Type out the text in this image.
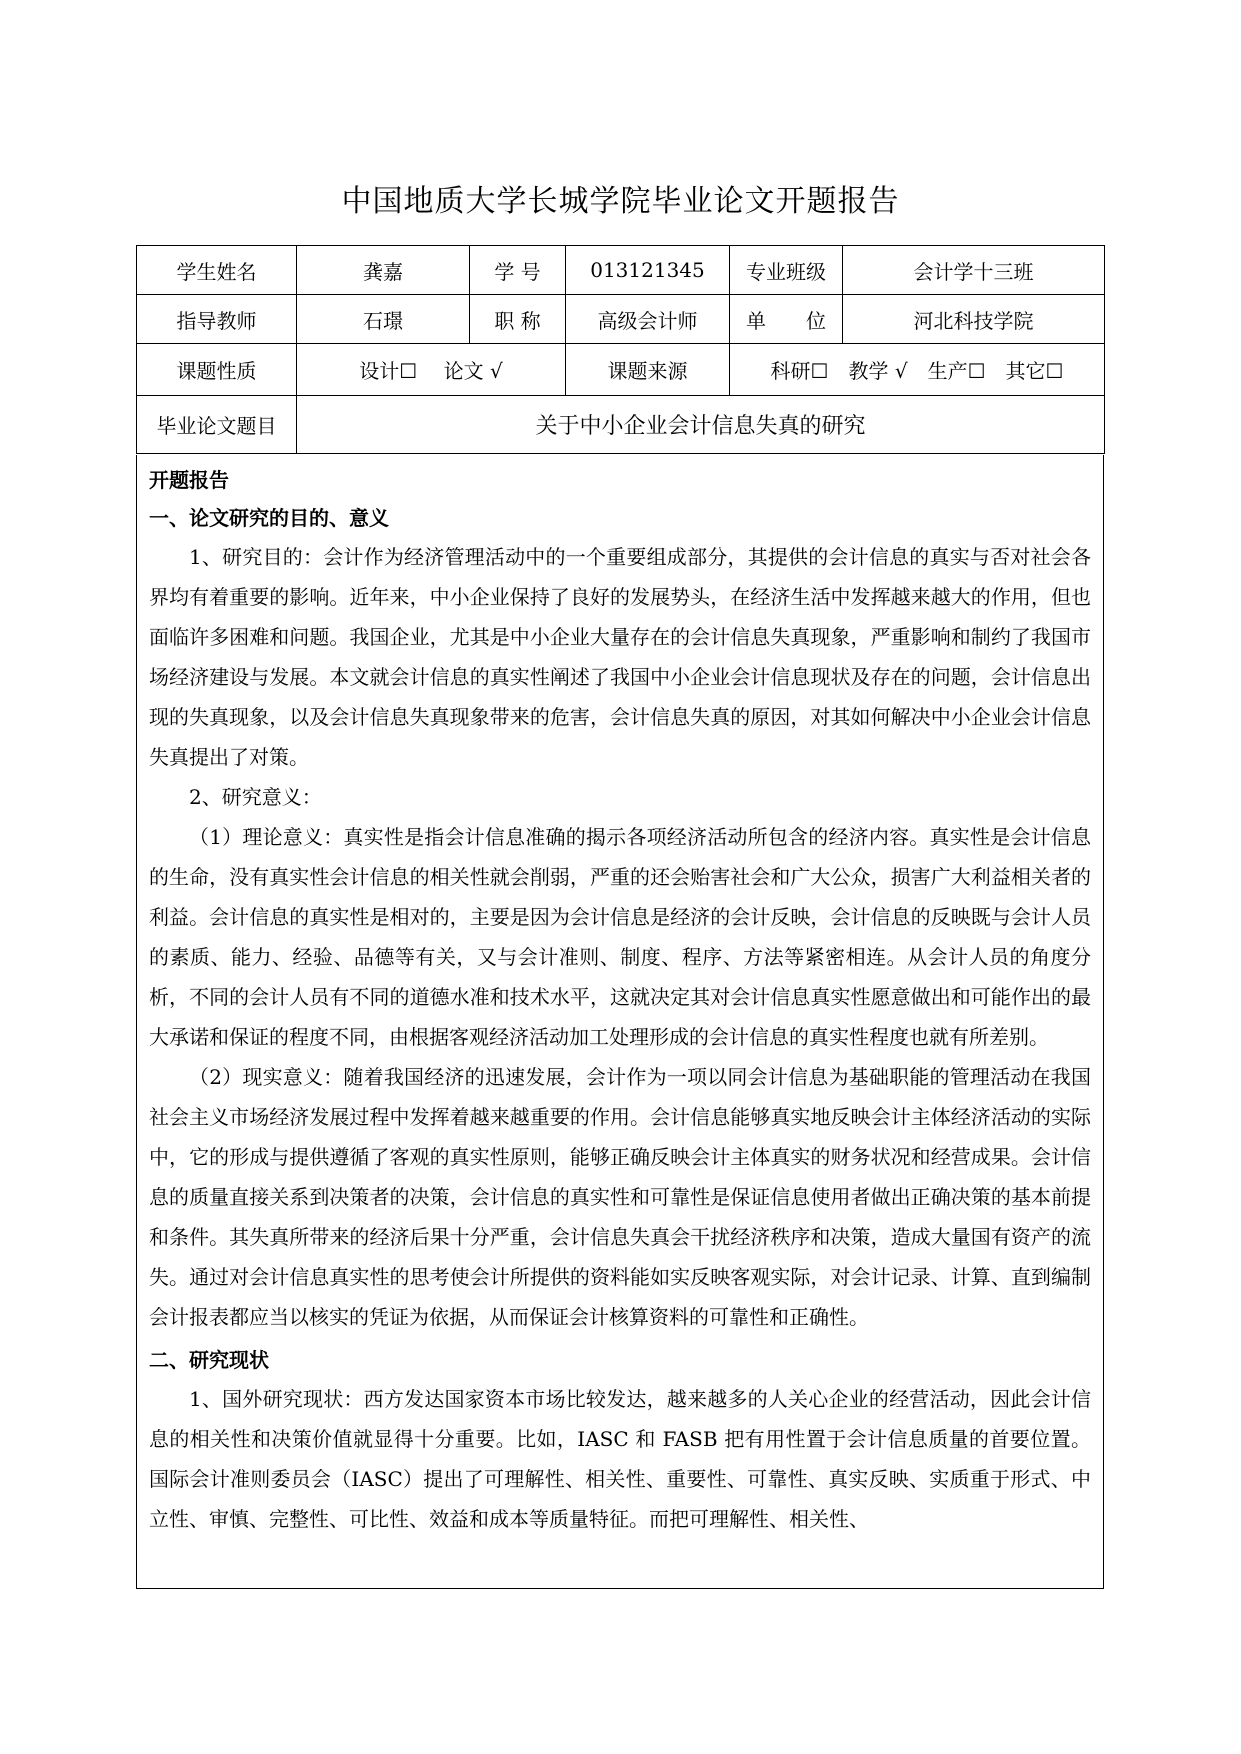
中国地质大学长城学院毕业论文开题报告
学生姓名	龚嘉	学 号	013121345	专业班级	会计学十三班
指导教师	石璟	职 称	高级会计师	单　　位	河北科技学院
课题性质	设计☐　 论文 √		课题来源	科研☐　教学 √　生产☐　其它☐	
毕业论文题目	关于中小企业会计信息失真的研究				
开题报告
一、论文研究的目的、意义

1、研究目的：会计作为经济管理活动中的一个重要组成部分，其提供的会计信息的真实与否对社会各界均有着重要的影响。近年来，中小企业保持了良好的发展势头，在经济生活中发挥越来越大的作用，但也面临许多困难和问题。我国企业，尤其是中小企业大量存在的会计信息失真现象，严重影响和制约了我国市场经济建设与发展。本文就会计信息的真实性阐述了我国中小企业会计信息现状及存在的问题，会计信息出现的失真现象，以及会计信息失真现象带来的危害，会计信息失真的原因，对其如何解决中小企业会计信息失真提出了对策。

2、研究意义：

（1）理论意义：真实性是指会计信息准确的揭示各项经济活动所包含的经济内容。真实性是会计信息的生命，没有真实性会计信息的相关性就会削弱，严重的还会贻害社会和广大公众，损害广大利益相关者的利益。会计信息的真实性是相对的，主要是因为会计信息是经济的会计反映，会计信息的反映既与会计人员的素质、能力、经验、品德等有关，又与会计准则、制度、程序、方法等紧密相连。从会计人员的角度分析，不同的会计人员有不同的道德水准和技术水平，这就决定其对会计信息真实性愿意做出和可能作出的最大承诺和保证的程度不同，由根据客观经济活动加工处理形成的会计信息的真实性程度也就有所差别。

（2）现实意义：随着我国经济的迅速发展，会计作为一项以同会计信息为基础职能的管理活动在我国社会主义市场经济发展过程中发挥着越来越重要的作用。会计信息能够真实地反映会计主体经济活动的实际中，它的形成与提供遵循了客观的真实性原则，能够正确反映会计主体真实的财务状况和经营成果。会计信息的质量直接关系到决策者的决策，会计信息的真实性和可靠性是保证信息使用者做出正确决策的基本前提和条件。其失真所带来的经济后果十分严重，会计信息失真会干扰经济秩序和决策，造成大量国有资产的流失。通过对会计信息真实性的思考使会计所提供的资料能如实反映客观实际，对会计记录、计算、直到编制会计报表都应当以核实的凭证为依据，从而保证会计核算资料的可靠性和正确性。

二、研究现状

1、国外研究现状：西方发达国家资本市场比较发达，越来越多的人关心企业的经营活动，因此会计信息的相关性和决策价值就显得十分重要。比如，IASC 和 FASB 把有用性置于会计信息质量的首要位置。国际会计准则委员会（IASC）提出了可理解性、相关性、重要性、可靠性、真实反映、实质重于形式、中立性、审慎、完整性、可比性、效益和成本等质量特征。而把可理解性、相关性、
